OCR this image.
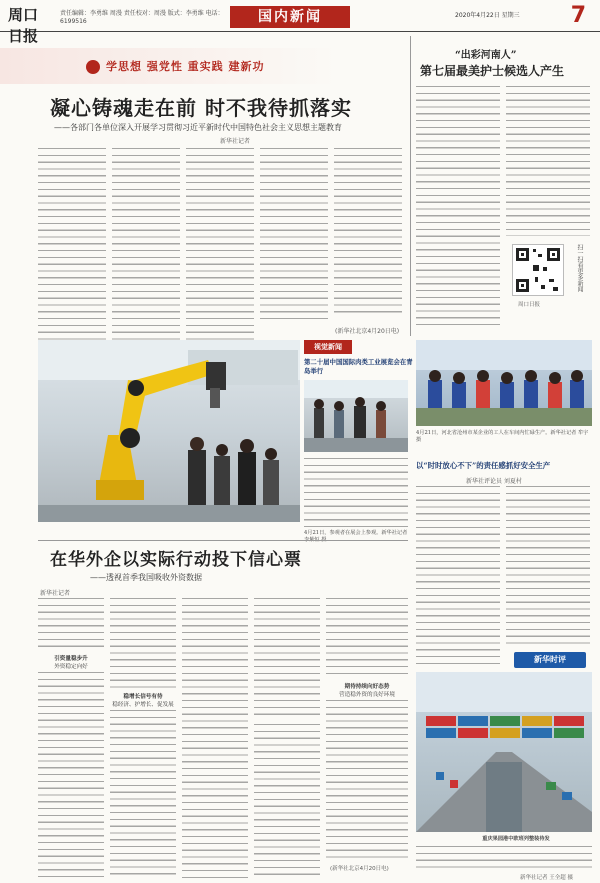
周口日报
责任编辑：李勇维 周漫 责任校对：周漫 版式：李勇维 电话：6199516	国内新闻	2020年4月22日 星期三 7
学思想 强党性 重实践 建新功
凝心铸魂走在前 时不我待抓落实
——各部门各单位深入开展学习贯彻习近平新时代中国特色社会主义思想主题教育
新华社记者
(新华社北京4月20日电)
“出彩河南人”
第七届最美护士候选人产生
扫一扫看更多新闻
周口日报
视觉新闻
第二十届中国国际肉类工业展览会在青岛举行
4月21日，参观者在展会上参观。新华社记者
4月21日，河北省沧州市某企业的工人在车间内忙碌生产。新华社记者 牟宇 摄
以“时时放心不下”的责任感抓好安全生产
新华社评论员 刘夏村
新华时评
在华外企以实际行动投下信心票
——透视首季我国吸收外资数据
新华社记者
引资量稳步升
外资稳定向好
稳增长信号有待
稳经济、护增长、促发展
期待持续向好态势
营造稳外资的良好环境
(新华社北京4月20日电)
重庆果园港中欧班列整装待发
新华社记者 王全超 摄
